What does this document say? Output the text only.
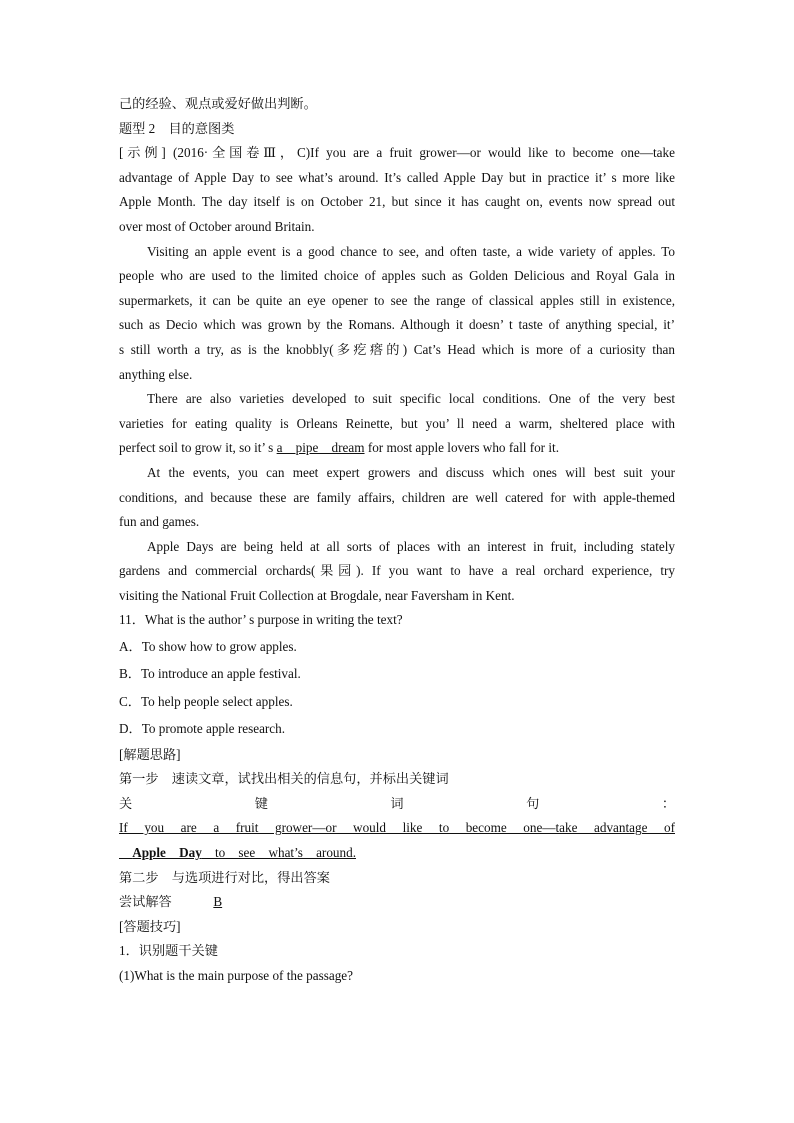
己的经验、观点或爱好做出判断。
题型 2　目的意图类
[示例] (2016·全国卷Ⅲ，C)If you are a fruit grower—or would like to become one—take
advantage of Apple Day to see what’s around. It’s called Apple Day but in practice it’ s more like
Apple Month. The day itself is on October 21, but since it has caught on, events now spread out
over most of October around Britain.
Visiting an apple event is a good chance to see, and often taste, a wide variety of apples. To
people who are used to the limited choice of apples such as Golden Delicious and Royal Gala in
supermarkets, it can be quite an eye opener to see the range of classical apples still in existence,
such as Decio which was grown by the Romans. Although it doesn’ t taste of anything special, it’
s still worth a try, as is the knobbly(多疙瘩的) Cat’s Head which is more of a curiosity than
anything else.
There are also varieties developed to suit specific local conditions. One of the very best
varieties for eating quality is Orleans Reinette, but you’ ll need a warm, sheltered place with
perfect soil to grow it, so it’ s a　pipe　dream for most apple lovers who fall for it.
At the events, you can meet expert growers and discuss which ones will best suit your
conditions, and because these are family affairs, children are well catered for with apple-themed
fun and games.
Apple Days are being held at all sorts of places with an interest in fruit, including stately
gardens and commercial orchards(果园). If you want to have a real orchard experience, try
visiting the National Fruit Collection at Brogdale, near Faversham in Kent.
11．What is the author’ s purpose in writing the text?
A．To show how to grow apples.
B．To introduce an apple festival.
C．To help people select apples.
D．To promote apple research.
[解题思路]
第一步　速读文章，试找出相关的信息句，并标出关键词
关	键	词	句	：
If　you　are　a　fruit　grower—or　would　like　to　become　one—take　advantage　of
　Apple　Day　to　see　what’s　around.
第二步　与选项进行对比，得出答案
尝试解答	B
[答题技巧]
1．识别题干关键
(1)What is the main purpose of the passage?
